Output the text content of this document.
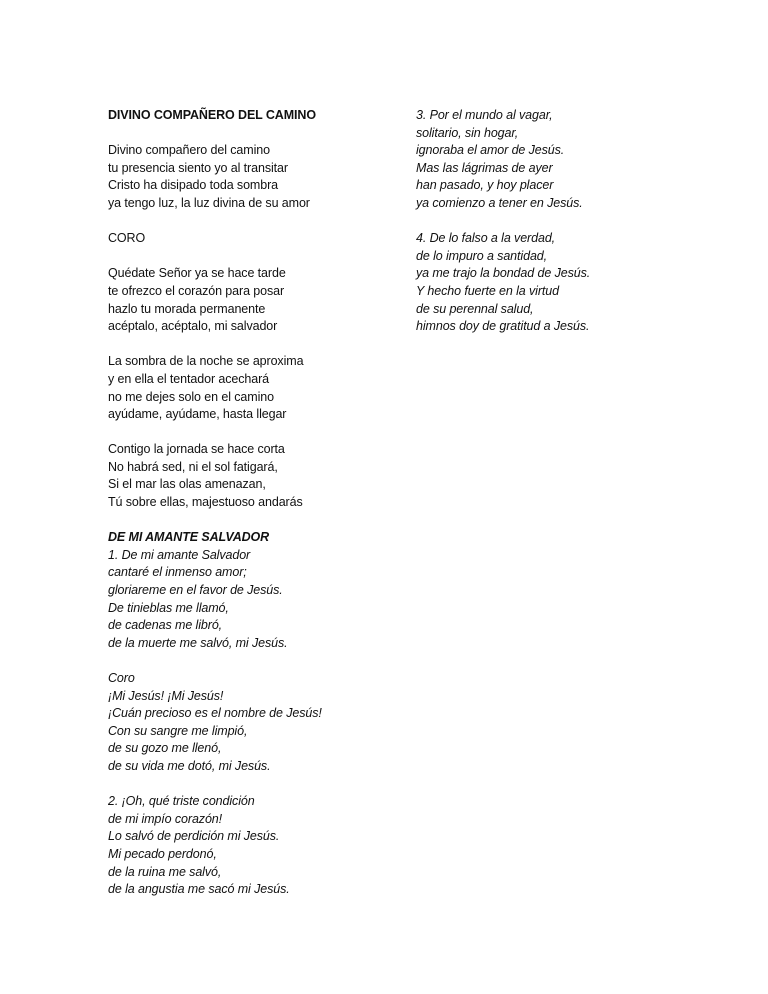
DIVINO COMPAÑERO DEL CAMINO
Divino compañero del camino
tu presencia siento yo al transitar
Cristo ha disipado toda sombra
ya tengo luz, la luz divina de su amor
CORO
Quédate Señor ya se hace tarde
te ofrezco el corazón para posar
hazlo tu morada permanente
acéptalo, acéptalo, mi salvador
La sombra de la noche se aproxima
y en ella el tentador acechará
no me dejes solo en el camino
ayúdame, ayúdame, hasta llegar
Contigo la jornada se hace corta
No habrá sed, ni el sol fatigará,
Si el mar las olas amenazan,
Tú sobre ellas, majestuoso andarás
DE MI AMANTE SALVADOR
1. De mi amante Salvador
cantaré el inmenso amor;
gloriareme en el favor de Jesús.
De tinieblas me llamó,
de cadenas me libró,
de la muerte me salvó, mi Jesús.
Coro
¡Mi Jesús! ¡Mi Jesús!
¡Cuán precioso es el nombre de Jesús!
Con su sangre me limpió,
de su gozo me llenó,
de su vida me dotó, mi Jesús.
2. ¡Oh, qué triste condición
de mi impío corazón!
Lo salvó de perdición mi Jesús.
Mi pecado perdonó,
de la ruina me salvó,
de la angustia me sacó mi Jesús.
3. Por el mundo al vagar,
solitario, sin hogar,
ignoraba el amor de Jesús.
Mas las lágrimas de ayer
han pasado, y hoy placer
ya comienzo a tener en Jesús.
4. De lo falso a la verdad,
de lo impuro a santidad,
ya me trajo la bondad de Jesús.
Y hecho fuerte en la virtud
de su perennal salud,
himnos doy de gratitud a Jesús.
